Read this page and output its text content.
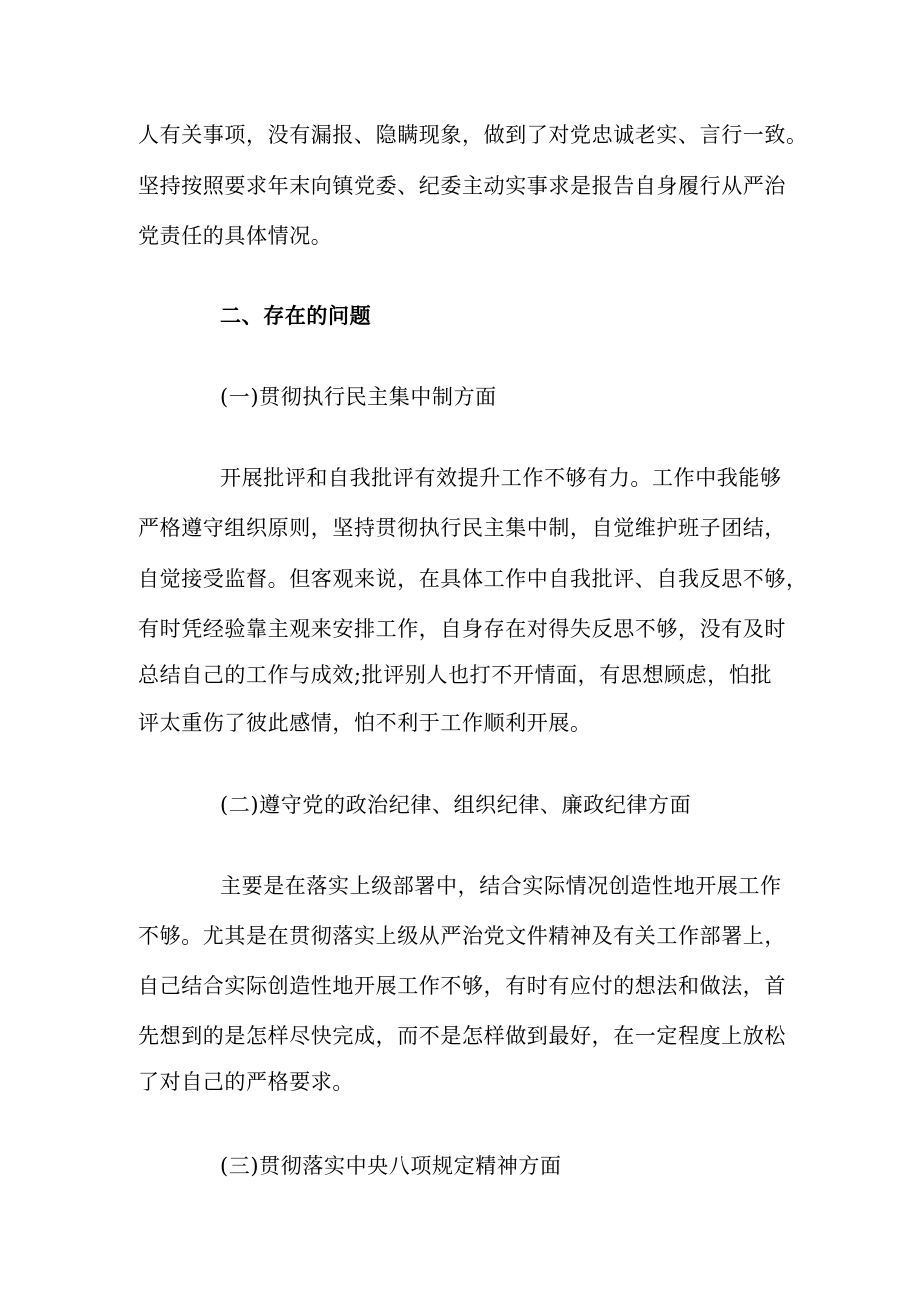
人有关事项，没有漏报、隐瞒现象，做到了对党忠诚老实、言行一致。
坚持按照要求年末向镇党委、纪委主动实事求是报告自身履行从严治
党责任的具体情况。
二、存在的问题
(一)贯彻执行民主集中制方面
开展批评和自我批评有效提升工作不够有力。工作中我能够
严格遵守组织原则，坚持贯彻执行民主集中制，自觉维护班子团结，
自觉接受监督。但客观来说，在具体工作中自我批评、自我反思不够，
有时凭经验靠主观来安排工作，自身存在对得失反思不够，没有及时
总结自己的工作与成效;批评别人也打不开情面，有思想顾虑，怕批
评太重伤了彼此感情，怕不利于工作顺利开展。
(二)遵守党的政治纪律、组织纪律、廉政纪律方面
主要是在落实上级部署中，结合实际情况创造性地开展工作
不够。尤其是在贯彻落实上级从严治党文件精神及有关工作部署上，
自己结合实际创造性地开展工作不够，有时有应付的想法和做法，首
先想到的是怎样尽快完成，而不是怎样做到最好，在一定程度上放松
了对自己的严格要求。
(三)贯彻落实中央八项规定精神方面
